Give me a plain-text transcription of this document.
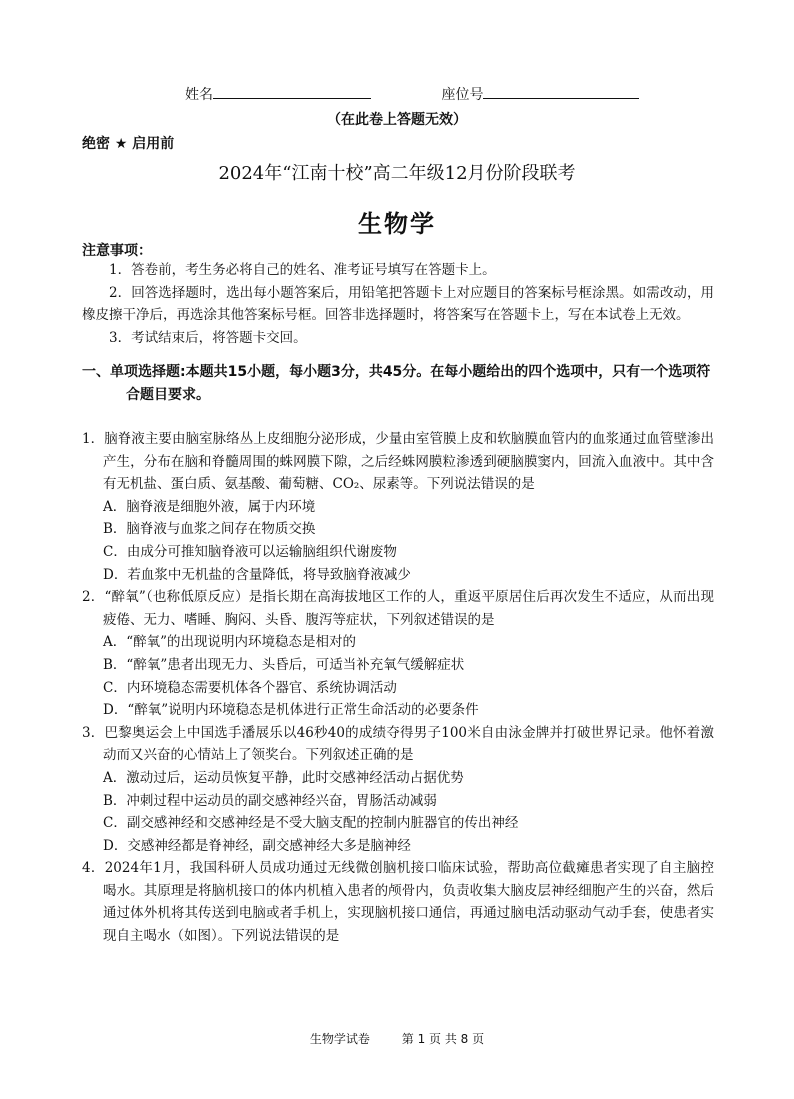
姓名	座位号
（在此卷上答题无效）
绝密 ★ 启用前
2024年“江南十校”高二年级12月份阶段联考
生物学
注意事项：

1．答卷前，考生务必将自己的姓名、准考证号填写在答题卡上。

2．回答选择题时，选出每小题答案后，用铅笔把答题卡上对应题目的答案标号框涂黑。如需改动，用橡皮擦干净后，再选涂其他答案标号框。回答非选择题时，将答案写在答题卡上，写在本试卷上无效。

3．考试结束后，将答题卡交回。

一、单项选择题:本题共15小题，每小题3分，共45分。在每小题给出的四个选项中，只有一个选项符合题目要求。
1．脑脊液主要由脑室脉络丛上皮细胞分泌形成，少量由室管膜上皮和软脑膜血管内的血浆通过血管壁渗出产生，分布在脑和脊髓周围的蛛网膜下隙，之后经蛛网膜粒渗透到硬脑膜窦内，回流入血液中。其中含有无机盐、蛋白质、氨基酸、葡萄糖、CO₂、尿素等。下列说法错误的是
A．脑脊液是细胞外液，属于内环境
B．脑脊液与血浆之间存在物质交换
C．由成分可推知脑脊液可以运输脑组织代谢废物
D．若血浆中无机盐的含量降低，将导致脑脊液减少
2．“醉氧”（也称低原反应）是指长期在高海拔地区工作的人，重返平原居住后再次发生不适应，从而出现疲倦、无力、嗜睡、胸闷、头昏、腹泻等症状，下列叙述错误的是
A．“醉氧”的出现说明内环境稳态是相对的
B．“醉氧”患者出现无力、头昏后，可适当补充氧气缓解症状
C．内环境稳态需要机体各个器官、系统协调活动
D．“醉氧”说明内环境稳态是机体进行正常生命活动的必要条件
3．巴黎奥运会上中国选手潘展乐以46秒40的成绩夺得男子100米自由泳金牌并打破世界记录。他怀着激动而又兴奋的心情站上了领奖台。下列叙述正确的是
A．激动过后，运动员恢复平静，此时交感神经活动占据优势
B．冲刺过程中运动员的副交感神经兴奋，胃肠活动减弱
C．副交感神经和交感神经是不受大脑支配的控制内脏器官的传出神经
D．交感神经都是脊神经，副交感神经大多是脑神经
4．2024年1月，我国科研人员成功通过无线微创脑机接口临床试验，帮助高位截瘫患者实现了自主脑控喝水。其原理是将脑机接口的体内机植入患者的颅骨内，负责收集大脑皮层神经细胞产生的兴奋，然后通过体外机将其传送到电脑或者手机上，实现脑机接口通信，再通过脑电活动驱动气动手套，使患者实现自主喝水（如图）。下列说法错误的是
生物学试卷	第 1 页 共 8 页
